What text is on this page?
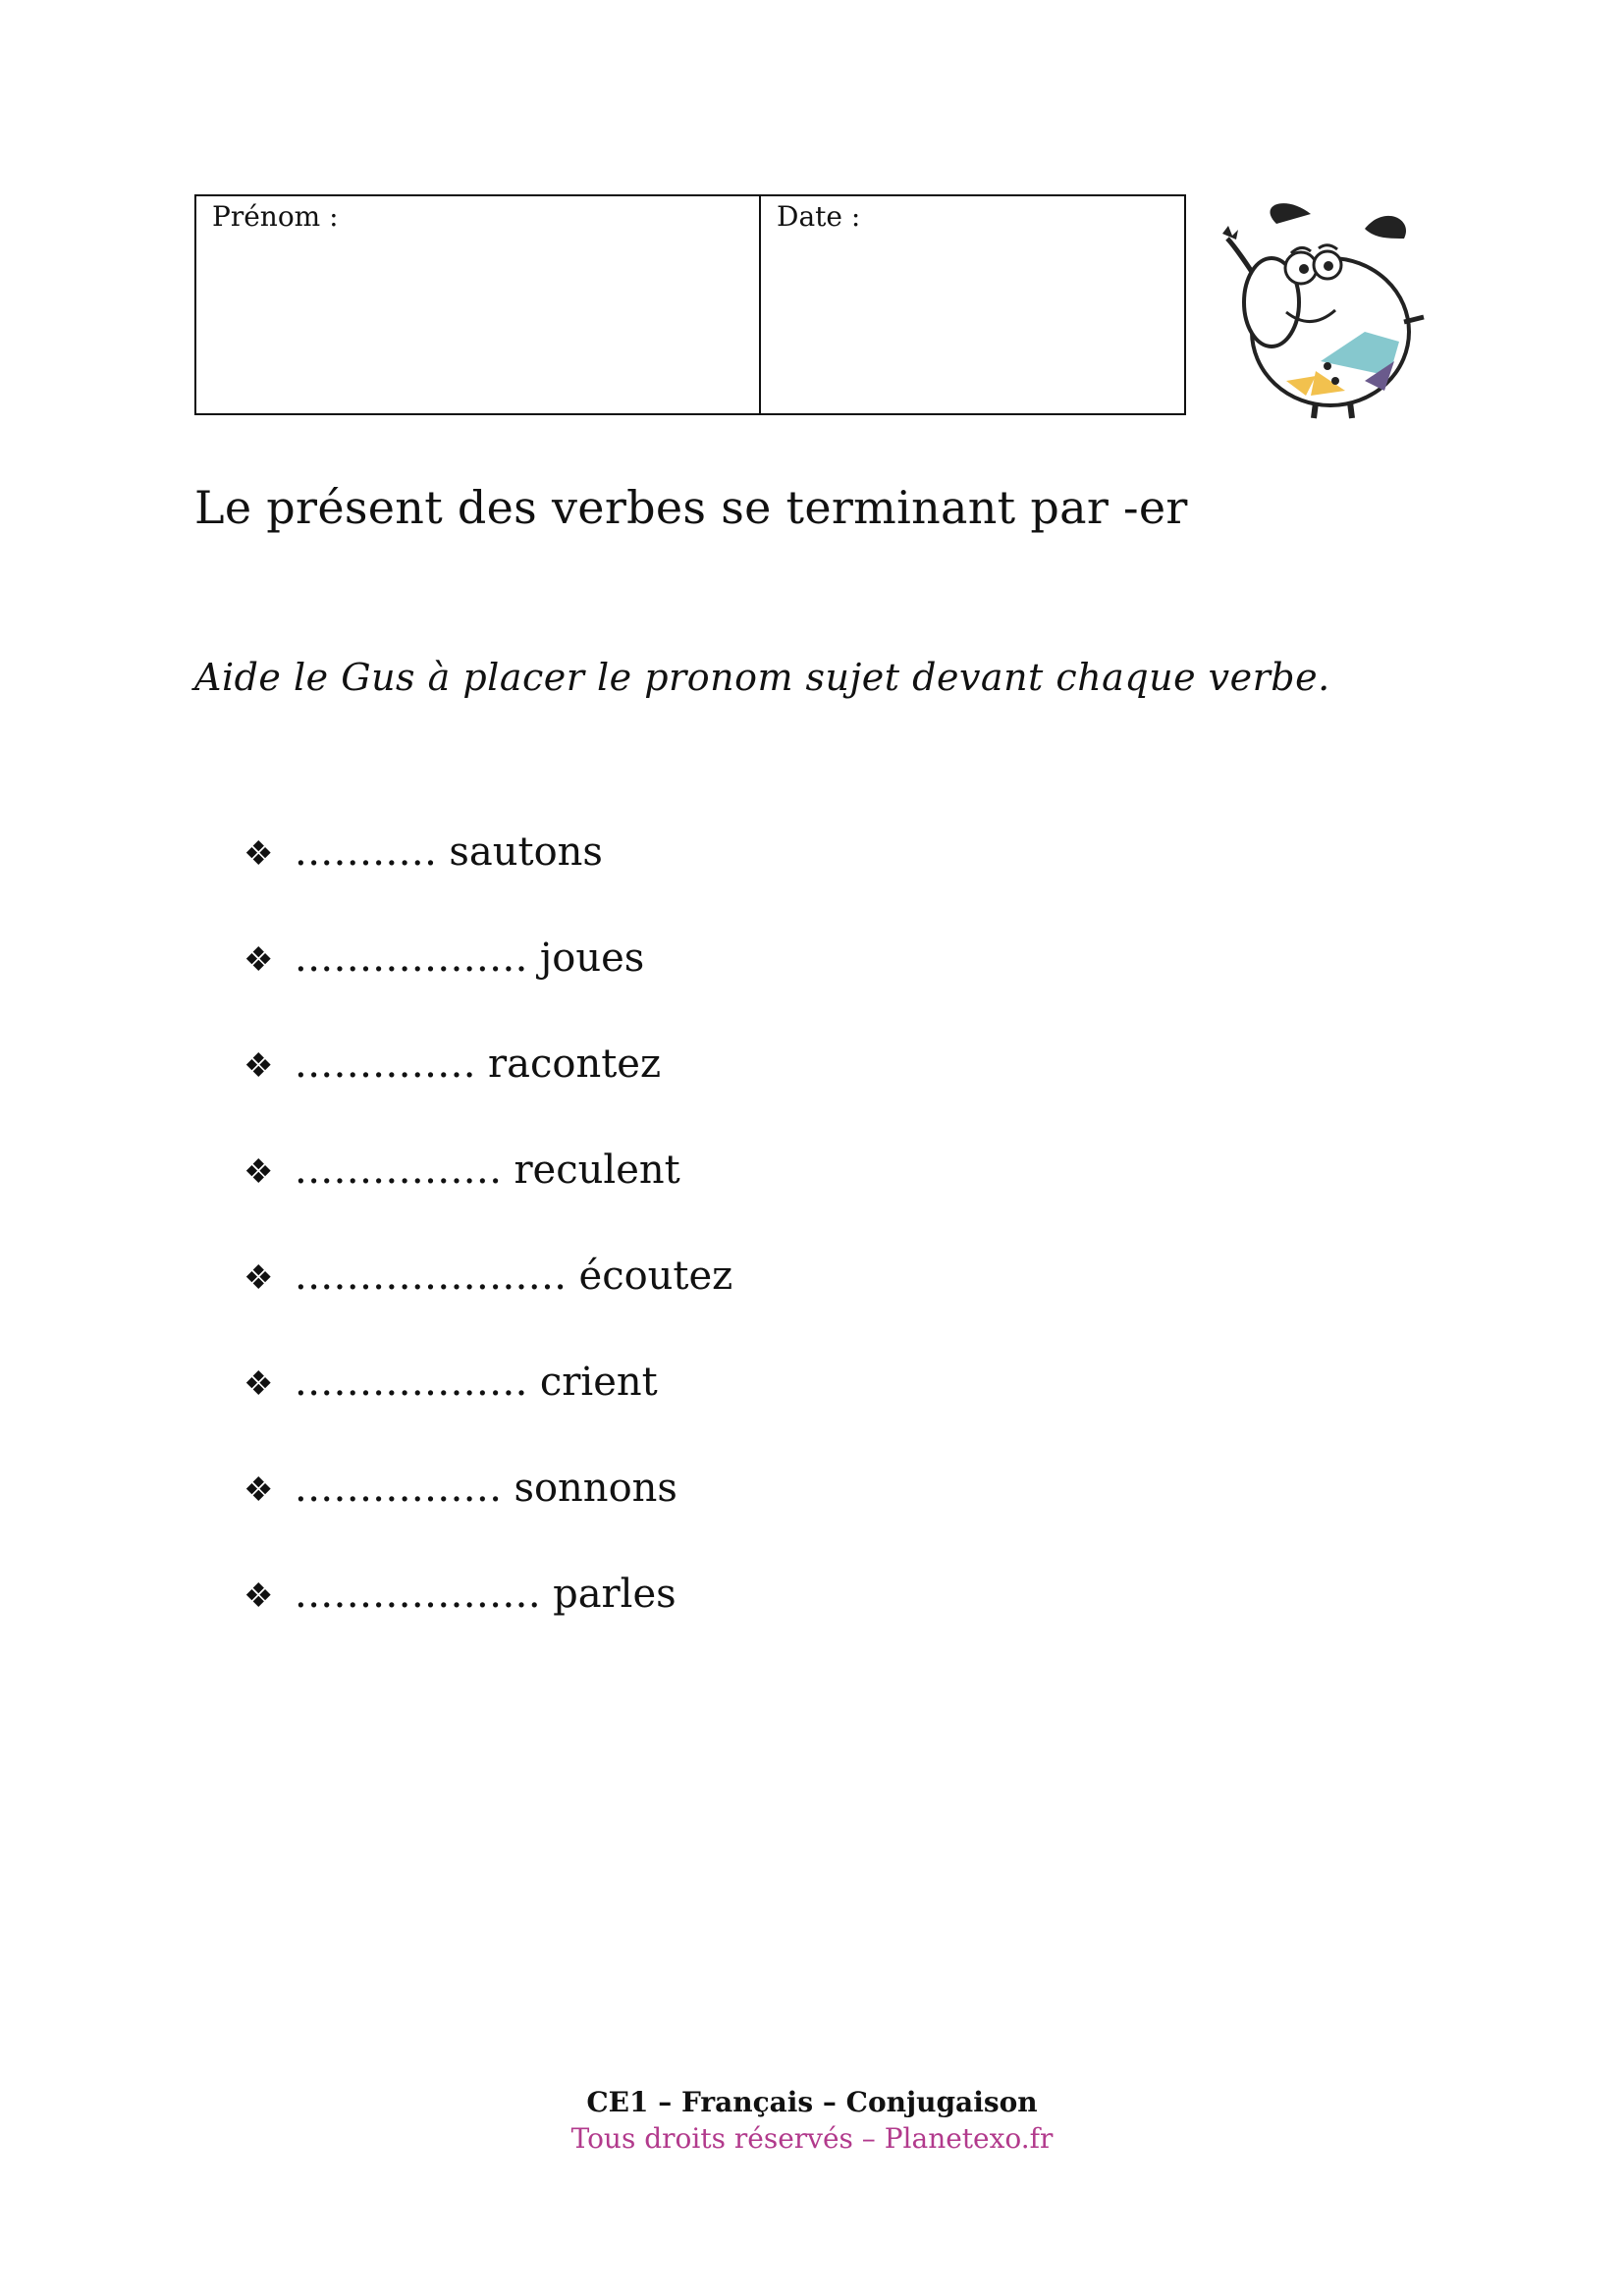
Prénom :	Date :
Le présent des verbes se terminant par -er

Aide le Gus à placer le pronom sujet devant chaque verbe.

❖ ........... sautons
❖ .................. joues
❖ .............. racontez
❖ ................ reculent
❖ ..................... écoutez
❖ .................. crient
❖ ................ sonnons
❖ ................... parles
CE1 – Français – Conjugaison
Tous droits réservés – Planetexo.fr
